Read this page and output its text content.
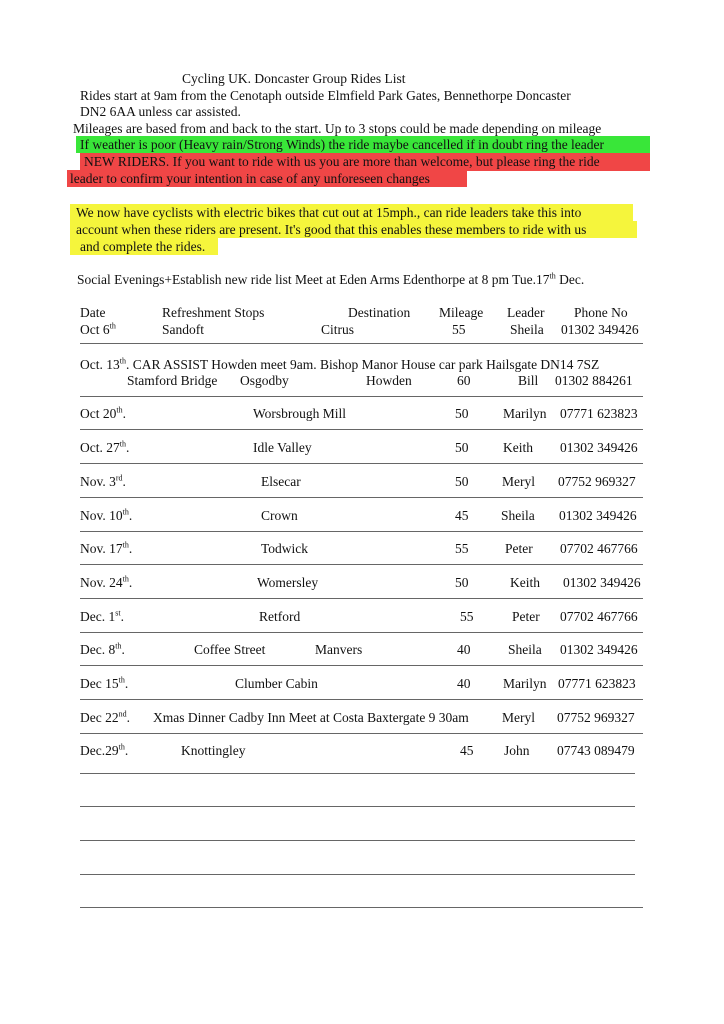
Cycling UK. Doncaster Group Rides List
Rides start at 9am from the Cenotaph outside Elmfield Park Gates, Bennethorpe Doncaster
DN2 6AA unless car assisted.
Mileages are based from and back to the start. Up to 3 stops could be made depending on mileage
If weather is poor (Heavy rain/Strong Winds) the ride maybe cancelled if in doubt ring the leader
NEW RIDERS. If you want to ride with us you are more than welcome, but please ring the ride
leader to confirm your intention in case of any unforeseen changes
We now have cyclists with electric bikes that cut out at 15mph., can ride leaders take this into
account when these riders are present. It's good that this enables these members to ride with us
and complete the rides.
Social Evenings+Establish new ride list Meet at Eden Arms Edenthorpe at 8 pm Tue.17th Dec.
Date	Refreshment Stops	Destination Mileage Leader Phone No
Oct 6th	Sandoft	Citrus	55	Sheila 01302 349426
Oct. 13th. CAR ASSIST Howden meet 9am. Bishop Manor House car park Hailsgate DN14 7SZ
Stamford Bridge Osgodby	Howden	60	Bill 01302 884261
Oct 20th.	Worsbrough Mill	50	Marilyn 07771 623823
Oct. 27th.	Idle Valley	50	Keith 01302 349426
Nov. 3rd.	Elsecar	50 Meryl 07752 969327
Nov. 10th.	Crown	45 Sheila 01302 349426
Nov. 17th.	Todwick	55	Peter 07702 467766
Nov. 24th.	Womersley	50	Keith 01302 349426
Dec. 1st.	Retford	55	Peter 07702 467766
Dec. 8th.	Coffee Street	Manvers	40	Sheila 01302 349426
Dec 15th.	Clumber Cabin	40 Marilyn 07771 623823
Dec 22nd. Xmas Dinner Cadby Inn Meet at Costa Baxtergate 9 30am Meryl 07752 969327
Dec.29th.	Knottingley	45 John 07743 089479
